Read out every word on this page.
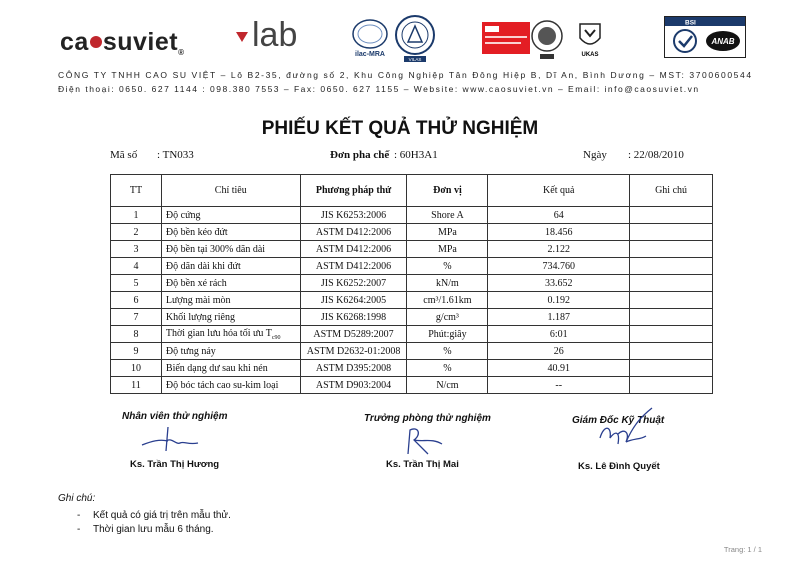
ca suviet®	lab
ilac-MRA
VILAS
UKAS
BSI
ANAB
CÔNG TY TNHH CAO SU VIỆT – Lô B2-35, đường số 2, Khu Công Nghiệp Tân Đông Hiệp B, Dĩ An, Bình Dương – MST: 3700600544
Điện thoại: 0650. 627 1144 : 098.380 7553 – Fax: 0650. 627 1155 – Website: www.caosuviet.vn – Email: info@caosuviet.vn
PHIẾU KẾT QUẢ THỬ NGHIỆM
Mã số : TN033	Đơn pha chế : 60H3A1	Ngày : 22/08/2010
TT	Chỉ tiêu	Phương pháp thử	Đơn vị	Kết quả	Ghi chú
1	Độ cứng	JIS K6253:2006	Shore A	64	
2	Độ bền kéo đứt	ASTM D412:2006	MPa	18.456	
3	Độ bền tại 300% dãn dài	ASTM D412:2006	MPa	2.122	
4	Độ dãn dài khi đứt	ASTM D412:2006	%	734.760	
5	Độ bền xé rách	JIS K6252:2007	kN/m	33.652	
6	Lượng mài mòn	JIS K6264:2005	cm³/1.61km	0.192	
7	Khối lượng riêng	JIS K6268:1998	g/cm³	1.187	
8	Thời gian lưu hóa tối ưu $T_{c90}$	ASTM D5289:2007	Phút:giây	6:01	
9	Độ tưng nảy	ASTM D2632-01:2008	%	26	
10	Biến dạng dư sau khi nén	ASTM D395:2008	%	40.91	
11	Độ bóc tách cao su-kim loại	ASTM D903:2004	N/cm	--	
Nhân viên thử nghiệm
Ks. Trần Thị Hương
Trưởng phòng thử nghiệm
Ks. Trần Thị Mai
Giám Đốc Kỹ Thuật
Ks. Lê Đình Quyết
Ghi chú:
- Kết quả có giá trị trên mẫu thử.
- Thời gian lưu mẫu 6 tháng.
Trang: 1 / 1
